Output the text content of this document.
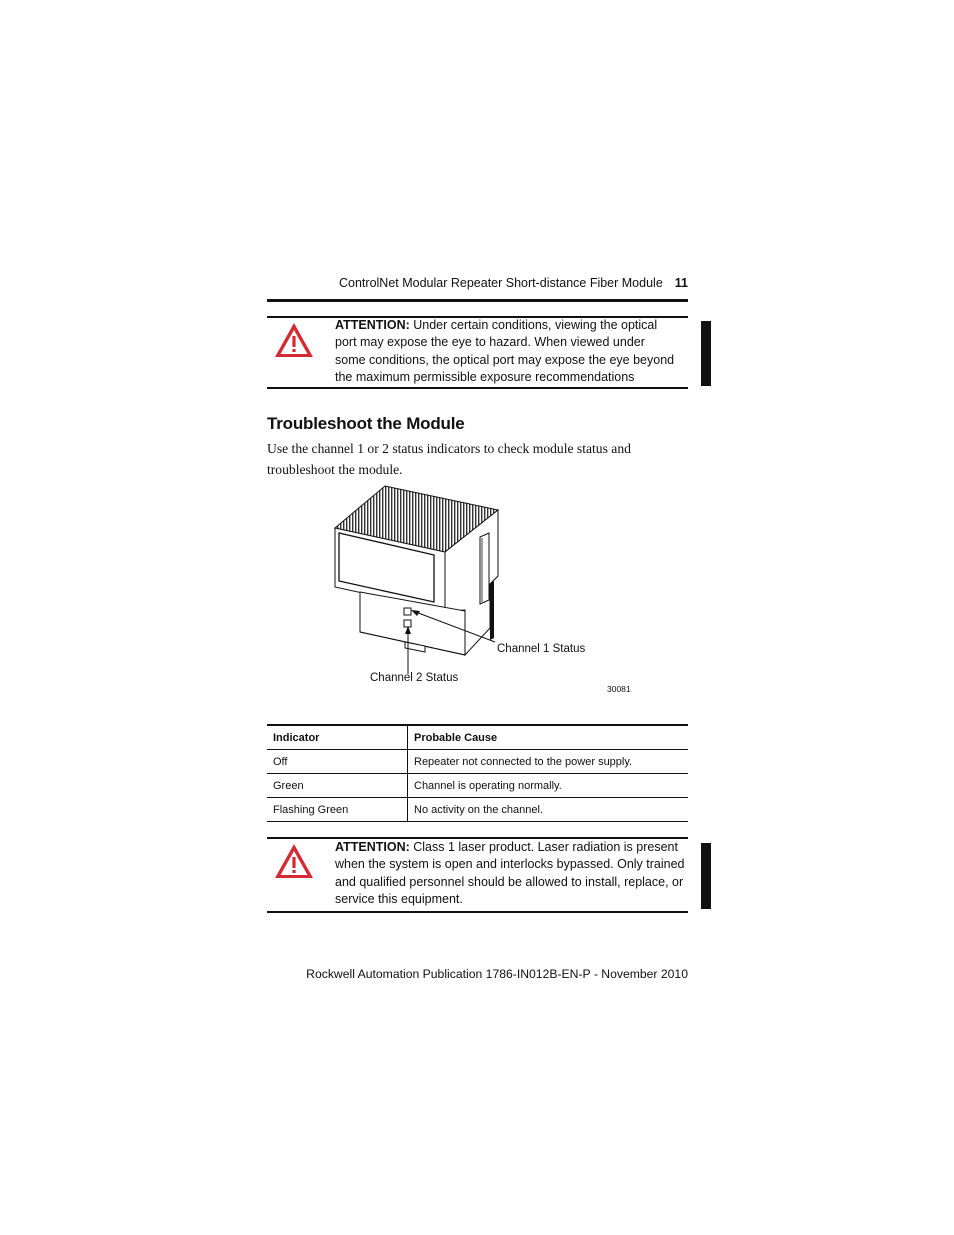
ControlNet Modular Repeater Short-distance Fiber Module 11
ATTENTION: Under certain conditions, viewing the optical port may expose the eye to hazard. When viewed under some conditions, the optical port may expose the eye beyond the maximum permissible exposure recommendations
Troubleshoot the Module
Use the channel 1 or 2 status indicators to check module status and troubleshoot the module.
Channel 1 Status
Channel 2 Status
30081
Indicator	Probable Cause
Off	Repeater not connected to the power supply.
Green	Channel is operating normally.
Flashing Green	No activity on the channel.
ATTENTION: Class 1 laser product. Laser radiation is present when the system is open and interlocks bypassed. Only trained and qualified personnel should be allowed to install, replace, or service this equipment.
Rockwell Automation Publication 1786-IN012B-EN-P - November 2010
